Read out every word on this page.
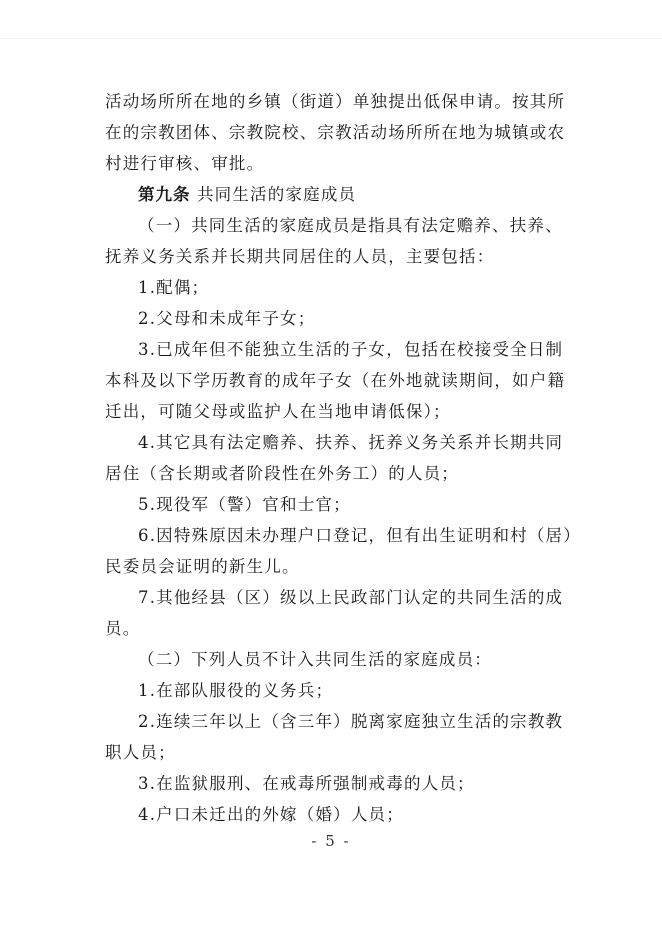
活动场所所在地的乡镇（街道）单独提出低保申请。按其所
在的宗教团体、宗教院校、宗教活动场所所在地为城镇或农
村进行审核、审批。
第九条 共同生活的家庭成员
（一）共同生活的家庭成员是指具有法定赡养、扶养、
抚养义务关系并长期共同居住的人员，主要包括：
1.配偶；
2.父母和未成年子女；
3.已成年但不能独立生活的子女，包括在校接受全日制
本科及以下学历教育的成年子女（在外地就读期间，如户籍
迁出，可随父母或监护人在当地申请低保）；
4.其它具有法定赡养、扶养、抚养义务关系并长期共同
居住（含长期或者阶段性在外务工）的人员；
5.现役军（警）官和士官；
6.因特殊原因未办理户口登记，但有出生证明和村（居）
民委员会证明的新生儿。
7.其他经县（区）级以上民政部门认定的共同生活的成
员。
（二）下列人员不计入共同生活的家庭成员：
1.在部队服役的义务兵；
2.连续三年以上（含三年）脱离家庭独立生活的宗教教
职人员；
3.在监狱服刑、在戒毒所强制戒毒的人员；
4.户口未迁出的外嫁（婚）人员；
- 5 -
